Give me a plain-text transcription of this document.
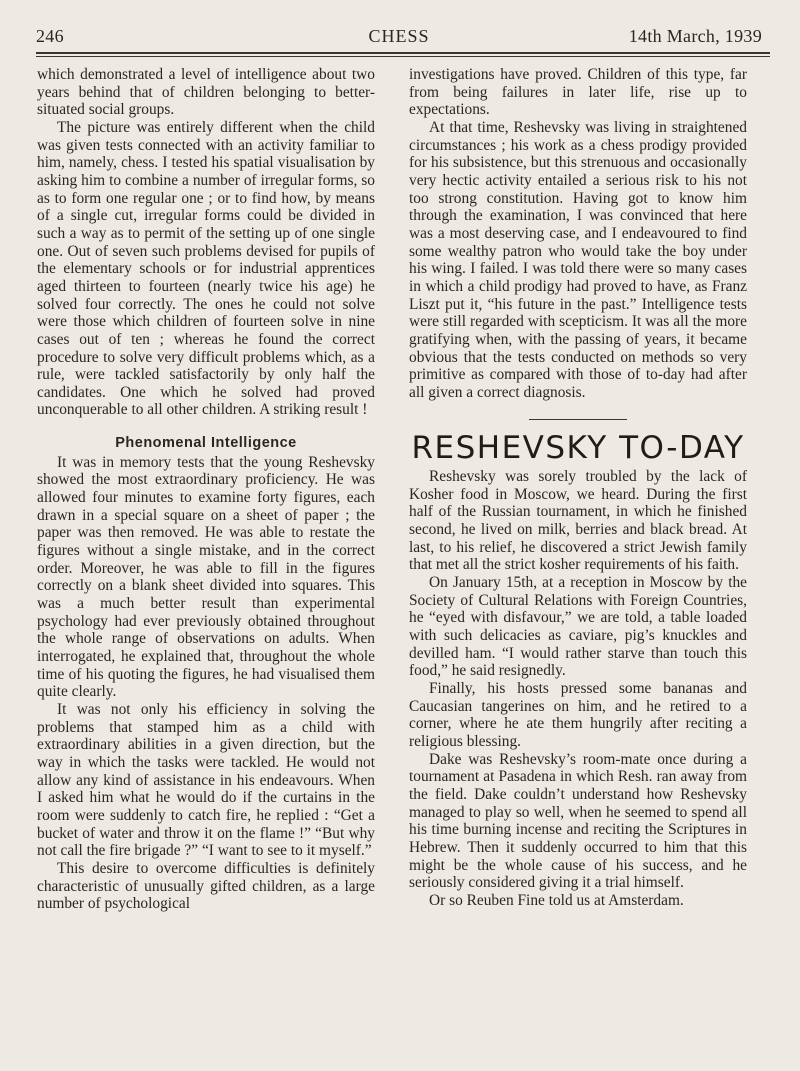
246	CHESS	14th March, 1939

which demonstrated a level of intelligence about two years behind that of children belonging to better-situated social groups.

The picture was entirely different when the child was given tests connected with an activity familiar to him, namely, chess. I tested his spatial visualisation by asking him to combine a number of irregular forms, so as to form one regular one ; or to find how, by means of a single cut, irregular forms could be divided in such a way as to permit of the setting up of one single one. Out of seven such problems devised for pupils of the elementary schools or for industrial apprentices aged thirteen to fourteen (nearly twice his age) he solved four correctly. The ones he could not solve were those which children of fourteen solve in nine cases out of ten ; whereas he found the correct procedure to solve very difficult problems which, as a rule, were tackled satisfactorily by only half the candidates. One which he solved had proved unconquerable to all other children. A striking result !

Phenomenal Intelligence

It was in memory tests that the young Reshevsky showed the most extraordinary proficiency. He was allowed four minutes to examine forty figures, each drawn in a special square on a sheet of paper ; the paper was then removed. He was able to restate the figures without a single mistake, and in the correct order. Moreover, he was able to fill in the figures correctly on a blank sheet divided into squares. This was a much better result than experimental psychology had ever previously obtained throughout the whole range of observations on adults. When interrogated, he explained that, throughout the whole time of his quoting the figures, he had visualised them quite clearly.

It was not only his efficiency in solving the problems that stamped him as a child with extraordinary abilities in a given direction, but the way in which the tasks were tackled. He would not allow any kind of assistance in his endeavours. When I asked him what he would do if the curtains in the room were suddenly to catch fire, he replied : “Get a bucket of water and throw it on the flame !” “But why not call the fire brigade ?” “I want to see to it myself.”

This desire to overcome difficulties is definitely characteristic of unusually gifted children, as a large number of psychological

investigations have proved. Children of this type, far from being failures in later life, rise up to expectations.

At that time, Reshevsky was living in straightened circumstances ; his work as a chess prodigy provided for his subsistence, but this strenuous and occasionally very hectic activity entailed a serious risk to his not too strong constitution. Having got to know him through the examination, I was convinced that here was a most deserving case, and I endeavoured to find some wealthy patron who would take the boy under his wing. I failed. I was told there were so many cases in which a child prodigy had proved to have, as Franz Liszt put it, “his future in the past.” Intelligence tests were still regarded with scepticism. It was all the more gratifying when, with the passing of years, it became obvious that the tests conducted on methods so very primitive as compared with those of to-day had after all given a correct diagnosis.

RESHEVSKY TO-DAY

Reshevsky was sorely troubled by the lack of Kosher food in Moscow, we heard. During the first half of the Russian tournament, in which he finished second, he lived on milk, berries and black bread. At last, to his relief, he discovered a strict Jewish family that met all the strict kosher requirements of his faith.

On January 15th, at a reception in Moscow by the Society of Cultural Relations with Foreign Countries, he “eyed with disfavour,” we are told, a table loaded with such delicacies as caviare, pig’s knuckles and devilled ham. “I would rather starve than touch this food,” he said resignedly.

Finally, his hosts pressed some bananas and Caucasian tangerines on him, and he retired to a corner, where he ate them hungrily after reciting a religious blessing.

Dake was Reshevsky’s room-mate once during a tournament at Pasadena in which Resh. ran away from the field. Dake couldn’t understand how Reshevsky managed to play so well, when he seemed to spend all his time burning incense and reciting the Scriptures in Hebrew. Then it suddenly occurred to him that this might be the whole cause of his success, and he seriously considered giving it a trial himself.

Or so Reuben Fine told us at Amsterdam.
